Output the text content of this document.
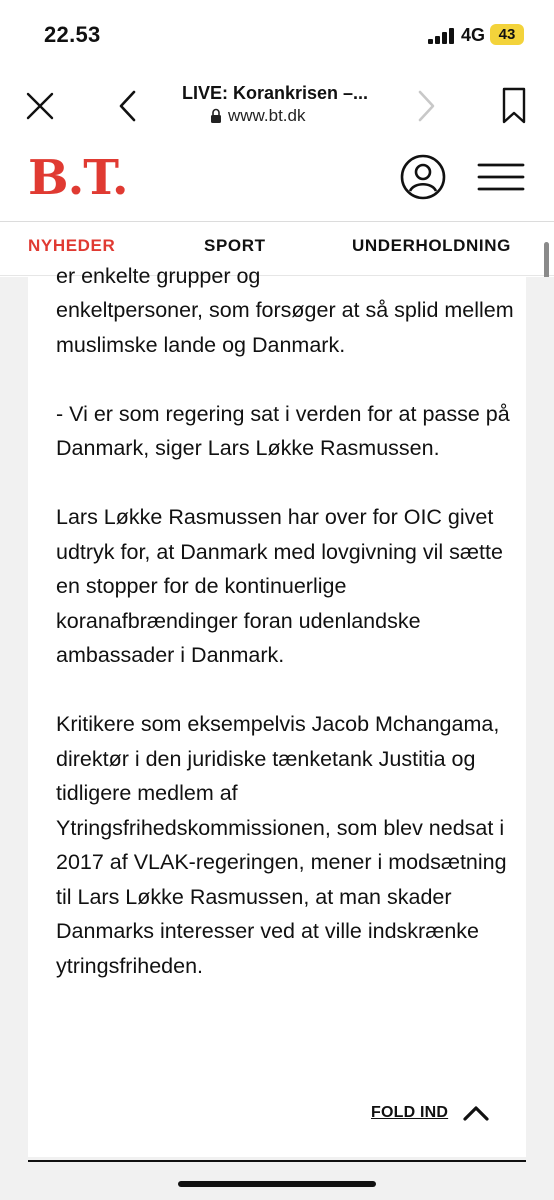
22.53	4G 43
LIVE: Korankrisen –...
www.bt.dk
B.T.
NYHEDER	SPORT	UNDERHOLDNING
er enkelte grupper og

enkeltpersoner, som forsøger at så splid mellem muslimske lande og Danmark.

- Vi er som regering sat i verden for at passe på Danmark, siger Lars Løkke Rasmussen.

Lars Løkke Rasmussen har over for OIC givet udtryk for, at Danmark med lovgivning vil sætte en stopper for de kontinuerlige koranafbrændinger foran udenlandske ambassader i Danmark.

Kritikere som eksempelvis Jacob Mchangama, direktør i den juridiske tænketank Justitia og tidligere medlem af Ytringsfrihedskommissionen, som blev nedsat i 2017 af VLAK-regeringen, mener i modsætning til Lars Løkke Rasmussen, at man skader Danmarks interesser ved at ville indskrænke ytringsfriheden.

FOLD IND
